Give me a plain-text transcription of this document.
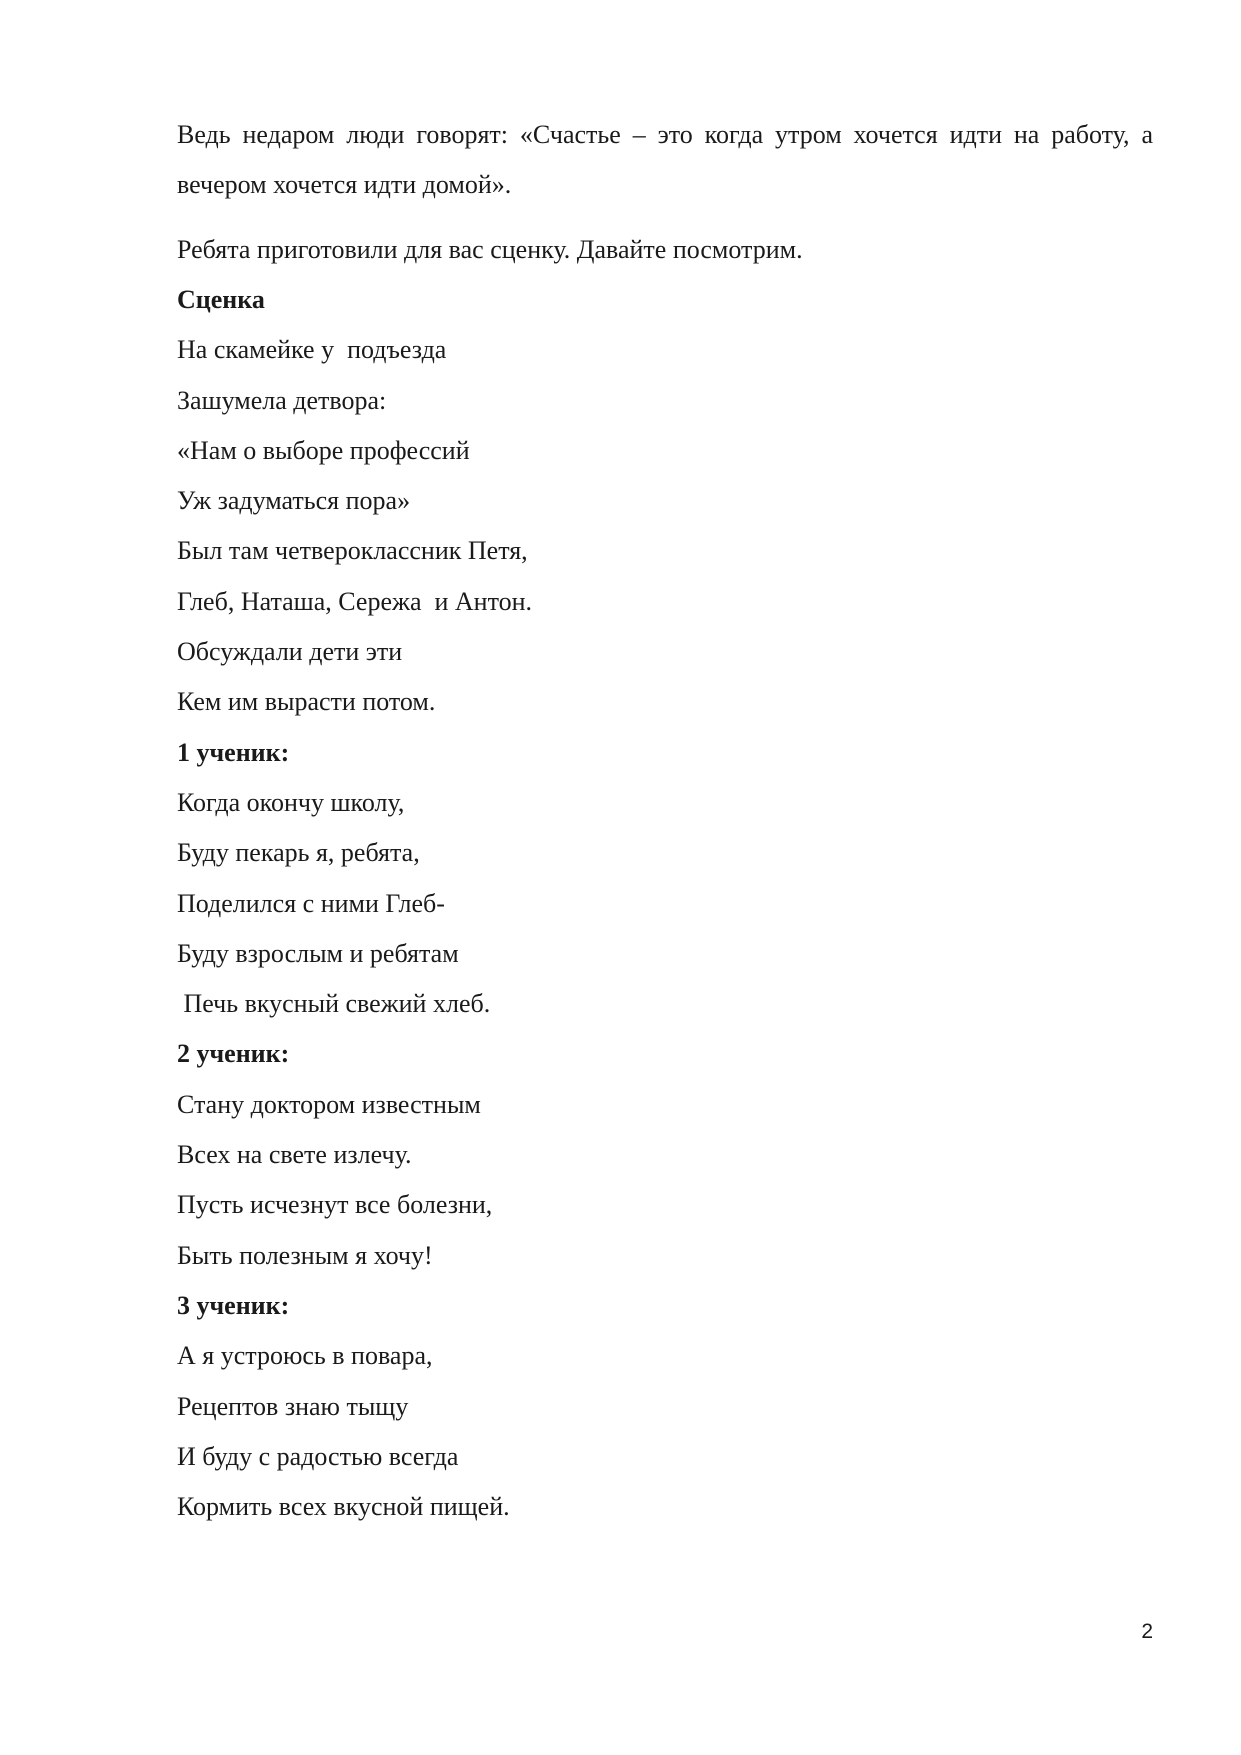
Ведь недаром люди говорят: «Счастье – это когда утром хочется идти на работу, а вечером хочется идти домой».

Ребята приготовили для вас сценку. Давайте посмотрим.

Сценка

На скамейке у  подъезда

Зашумела детвора:

«Нам о выборе профессий

Уж задуматься пора»

Был там четвероклассник Петя,

Глеб, Наташа, Сережа  и Антон.

Обсуждали дети эти

Кем им вырасти потом.

1 ученик:

Когда окончу школу,

Буду пекарь я, ребята,

Поделился с ними Глеб-

Буду взрослым и ребятам

Печь вкусный свежий хлеб.

2 ученик:

Стану доктором известным

Всех на свете излечу.

Пусть исчезнут все болезни,

Быть полезным я хочу!

3 ученик:

А я устроюсь в повара,

Рецептов знаю тыщу

И буду с радостью всегда

Кормить всех вкусной пищей.

2
